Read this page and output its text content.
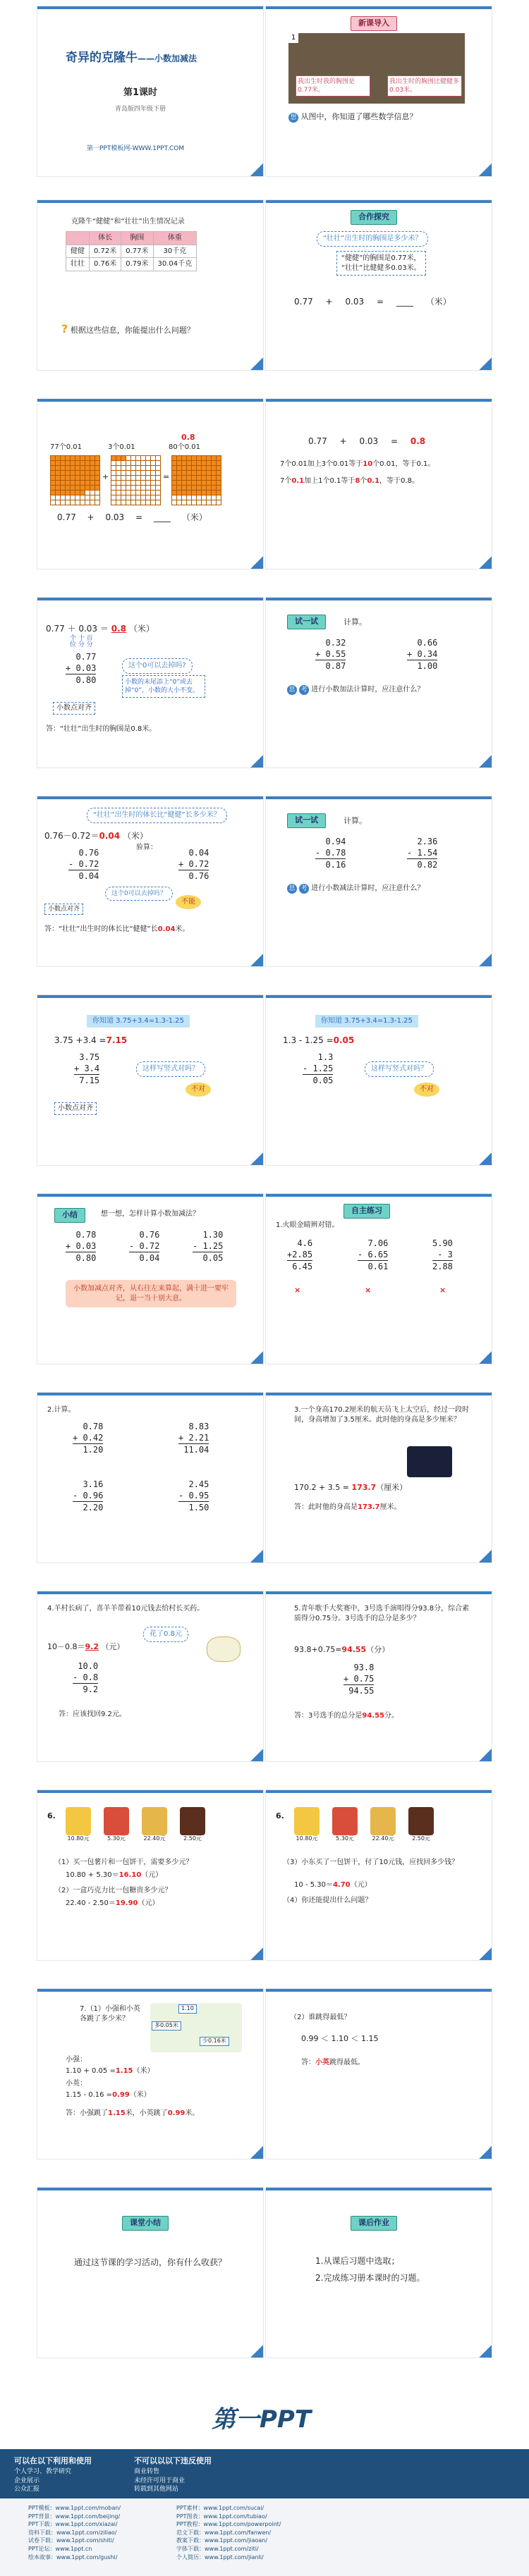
奇异的克隆牛——小数加减法
第1课时
青岛版四年级下册
第一PPT模板网-WWW.1PPT.COM
新课导入
1
我出生时我的胸围是0.77米。
我出生时的胸围比健健多0.03米。
想 从图中，你知道了哪些数学信息？
克隆牛“健健”和“壮壮”出生情况记录
	体长	胸围	体重
健健	0.72米	0.77米	30千克
壮壮	0.76米	0.79米	30.04千克
? 根据这些信息，你能提出什么问题？
合作探究
“壮壮”出生时的胸围是多少米？
“健健”的胸围是0.77米，
“壮壮”比健健多0.03米。
0.77 + 0.03 = ____ （米）
0.8
77个0.01	3个0.01	80个0.01
+	=
0.77 + 0.03 = ____ （米）
0.77 + 0.03 = 0.8
7个0.01加上3个0.01等于10个0.01，等于0.1。
7个0.1加上1个0.1等于8个0.1，等于0.8。
0.77 ＋ 0.03 ＝ 0.8 （米）
个 十 百
位 分 分
0.77
+ 0.03
0.80
这个0可以去掉吗?
小数的末尾添上“0”或去掉“0”，小数的大小不变。
小数点对齐
答：“壮壮”出生时的胸围是0.8米。
试一试	计算。
0.32
+ 0.55
0.87
0.66
+ 0.34
1.00
思 考 进行小数加法计算时，应注意什么？
“壮壮”出生时的体长比“健健”长多少米？
0.76－0.72＝0.04 （米）
0.76
- 0.72
0.04
验算：
0.04
+ 0.72
0.76
这个0可以去掉吗？
不能
小数点对齐
答：“壮壮”出生时的体长比“健健”长0.04米。
试一试	计算。
0.94
- 0.78
0.16
2.36
- 1.54
0.82
思 考 进行小数减法计算时，应注意什么？
你知道 3.75+3.4=1.3-1.25
3.75 +3.4 =7.15
3.75
+ 3.4
7.15
这样写竖式对吗？
不对
小数点对齐
你知道 3.75+3.4=1.3-1.25
1.3 - 1.25 =0.05
1.3
- 1.25
0.05
这样写竖式对吗？
不对
小结	想一想，怎样计算小数加减法？
0.78
+ 0.03
0.80
0.76
- 0.72
0.04
1.30
- 1.25
0.05
小数加减点对齐，从右往左来算起，满十进一要牢记，退一当十别大意。
自主练习
1.火眼金睛辨对错。
4.6
+2.85
6.45
7.06
- 6.65
0.61
5.90
- 3
2.88
×	×	×
2.计算。
0.78
+ 0.42
1.20
8.83
+ 2.21
11.04
3.16
- 0.96
2.20
2.45
- 0.95
1.50
3.一个身高170.2厘米的航天员飞上太空后，经过一段时间，身高增加了3.5厘米。此时他的身高是多少厘米？
170.2 + 3.5 = 173.7（厘米）
答：此时他的身高是173.7厘米。
4.羊村长病了，喜羊羊带着10元钱去给村长买药。
花了0.8元
10－0.8＝9.2 （元）
10.0
- 0.8
9.2
答：应该找回9.2元。
5.青年歌手大奖赛中，3号选手演唱得分93.8分，综合素质得分0.75分。3号选手的总分是多少？
93.8+0.75=94.55（分）
93.8
+ 0.75
94.55
答：3号选手的总分是94.55分。
6.
10.80元	5.30元	22.40元	2.50元
（1）买一包薯片和一包饼干，需要多少元？
10.80 + 5.30＝16.10（元）
（2）一盒巧克力比一包糖贵多少元？
22.40 - 2.50＝19.90（元）
6.
10.80元	5.30元	22.40元	2.50元
（3）小东买了一包饼干，付了10元钱，应找回多少钱？
10 - 5.30＝4.70（元）
（4）你还能提出什么问题？
7.（1）小强和小英各跳了多少米？
1.10
多0.05米
少0.16米
小强：
1.10 + 0.05 =1.15（米）
小英：
1.15 - 0.16 =0.99（米）
答：小强跳了1.15米，小英跳了0.99米。
（2）谁跳得最低？
0.99 ＜ 1.10 ＜ 1.15
答：小英跳得最低。
课堂小结
通过这节课的学习活动，你有什么收获？
课后作业
1.从课后习题中选取；
2.完成练习册本课时的习题。
第一PPT
可以在以下利用和使用
个人学习、教学研究
企业展示
公众汇报
不可以以以下违反使用
商业转售
未经许可用于商业
转载到其他网站
PPT模板：www.1ppt.com/moban/	PPT素材：www.1ppt.com/sucai/
PPT背景：www.1ppt.com/beijing/	PPT图表：www.1ppt.com/tubiao/
PPT下载：www.1ppt.com/xiazai/	PPT教程：www.1ppt.com/powerpoint/
资料下载：www.1ppt.com/ziliao/	范文下载：www.1ppt.com/fanwen/
试卷下载：www.1ppt.com/shiti/	教案下载：www.1ppt.com/jiaoan/
PPT论坛：www.1ppt.cn	字体下载：www.1ppt.com/ziti/
绘本故事：www.1ppt.com/gushi/	个人简历：www.1ppt.com/jianli/
